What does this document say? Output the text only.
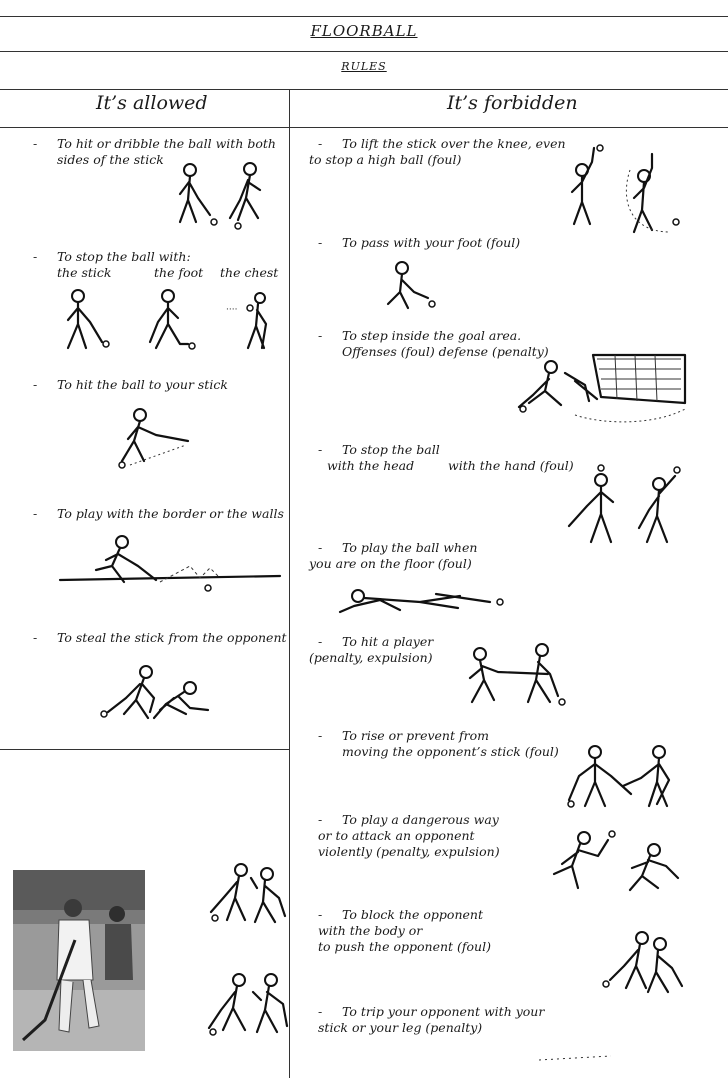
FLOORBALL
RULES
It’s allowed	It’s forbidden
- To hit or dribble the ball with both
sides of the stick
- To stop the ball with:
the stick	the foot the chest
- To hit the ball to your stick
- To play with the border or the walls
- To steal the stick from the opponent
- To lift the stick over the knee, even
to stop a high ball (foul)
- To pass with your foot (foul)
- To step inside the goal area.
Offenses (foul) defense (penalty)
- To stop the ball
with the head	with the hand (foul)
- To play the ball when
you are on the floor (foul)
- To hit a player
(penalty, expulsion)
- To rise or prevent from
moving the opponent’s stick (foul)
- To play a dangerous way
or to attack an opponent
violently (penalty, expulsion)
- To block the opponent
with the body or
to push the opponent (foul)
- To trip your opponent with your
stick or your leg (penalty)
····
